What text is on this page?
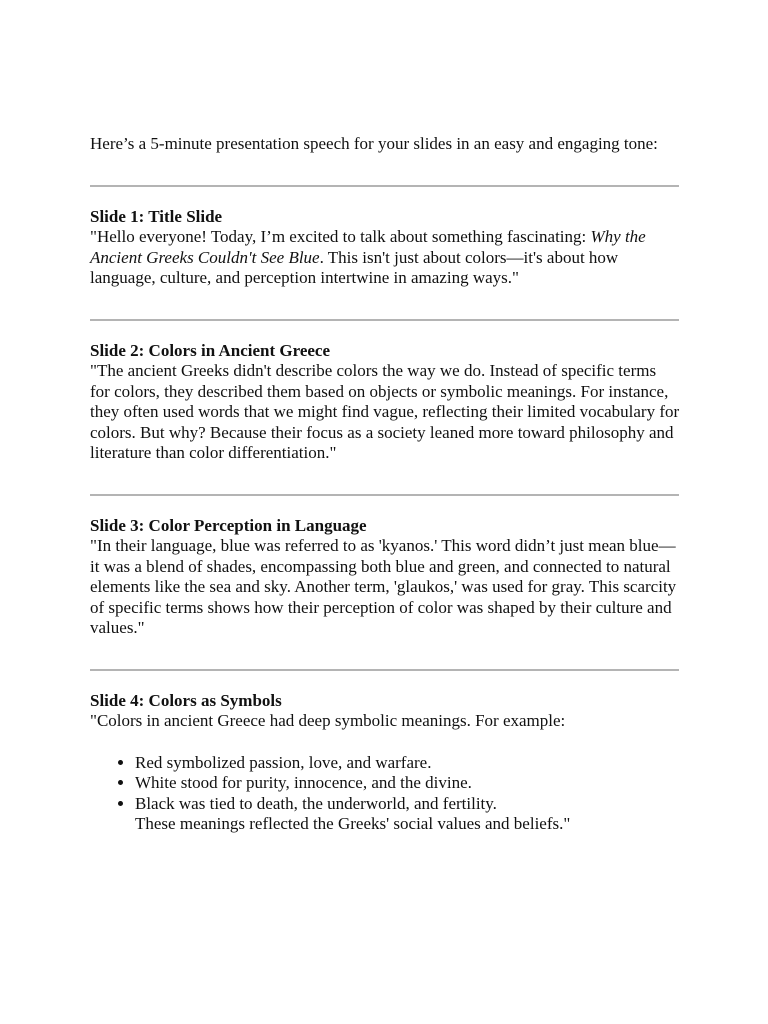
Here’s a 5-minute presentation speech for your slides in an easy and engaging tone:

Slide 1: Title Slide

"Hello everyone! Today, I’m excited to talk about something fascinating: Why the Ancient Greeks Couldn't See Blue. This isn't just about colors—it's about how language, culture, and perception intertwine in amazing ways."

Slide 2: Colors in Ancient Greece

"The ancient Greeks didn't describe colors the way we do. Instead of specific terms for colors, they described them based on objects or symbolic meanings. For instance, they often used words that we might find vague, reflecting their limited vocabulary for colors. But why? Because their focus as a society leaned more toward philosophy and literature than color differentiation."

Slide 3: Color Perception in Language

"In their language, blue was referred to as 'kyanos.' This word didn’t just mean blue—it was a blend of shades, encompassing both blue and green, and connected to natural elements like the sea and sky. Another term, 'glaukos,' was used for gray. This scarcity of specific terms shows how their perception of color was shaped by their culture and values."

Slide 4: Colors as Symbols

"Colors in ancient Greece had deep symbolic meanings. For example:

• Red symbolized passion, love, and warfare.
• White stood for purity, innocence, and the divine.
• Black was tied to death, the underworld, and fertility.
These meanings reflected the Greeks' social values and beliefs."
